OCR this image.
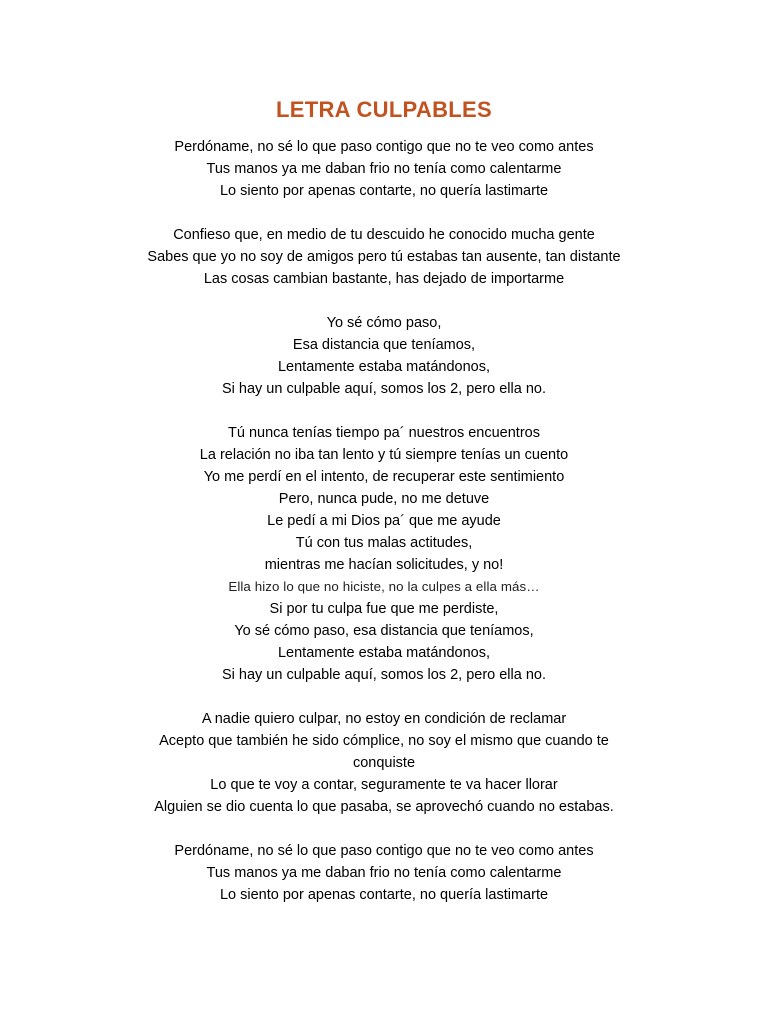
LETRA CULPABLES
Perdóname, no sé lo que paso contigo que no te veo como antes
Tus manos ya me daban frio no tenía como calentarme
Lo siento por apenas contarte, no quería lastimarte
Confieso que, en medio de tu descuido he conocido mucha gente
Sabes que yo no soy de amigos pero tú estabas tan ausente, tan distante
Las cosas cambian bastante, has dejado de importarme
Yo sé cómo paso,
Esa distancia que teníamos,
Lentamente estaba matándonos,
Si hay un culpable aquí, somos los 2, pero ella no.
Tú nunca tenías tiempo pa´ nuestros encuentros
La relación no iba tan lento y tú siempre tenías un cuento
Yo me perdí en el intento, de recuperar este sentimiento
Pero, nunca pude, no me detuve
Le pedí a mi Dios pa´ que me ayude
Tú con tus malas actitudes,
mientras me hacían solicitudes, y no!
Ella hizo lo que no hiciste, no la culpes a ella más…
Si por tu culpa fue que me perdiste,
Yo sé cómo paso, esa distancia que teníamos,
Lentamente estaba matándonos,
Si hay un culpable aquí, somos los 2, pero ella no.
A nadie quiero culpar, no estoy en condición de reclamar
Acepto que también he sido cómplice, no soy el mismo que cuando te
conquiste
Lo que te voy a contar, seguramente te va hacer llorar
Alguien se dio cuenta lo que pasaba, se aprovechó cuando no estabas.
Perdóname, no sé lo que paso contigo que no te veo como antes
Tus manos ya me daban frio no tenía como calentarme
Lo siento por apenas contarte, no quería lastimarte
